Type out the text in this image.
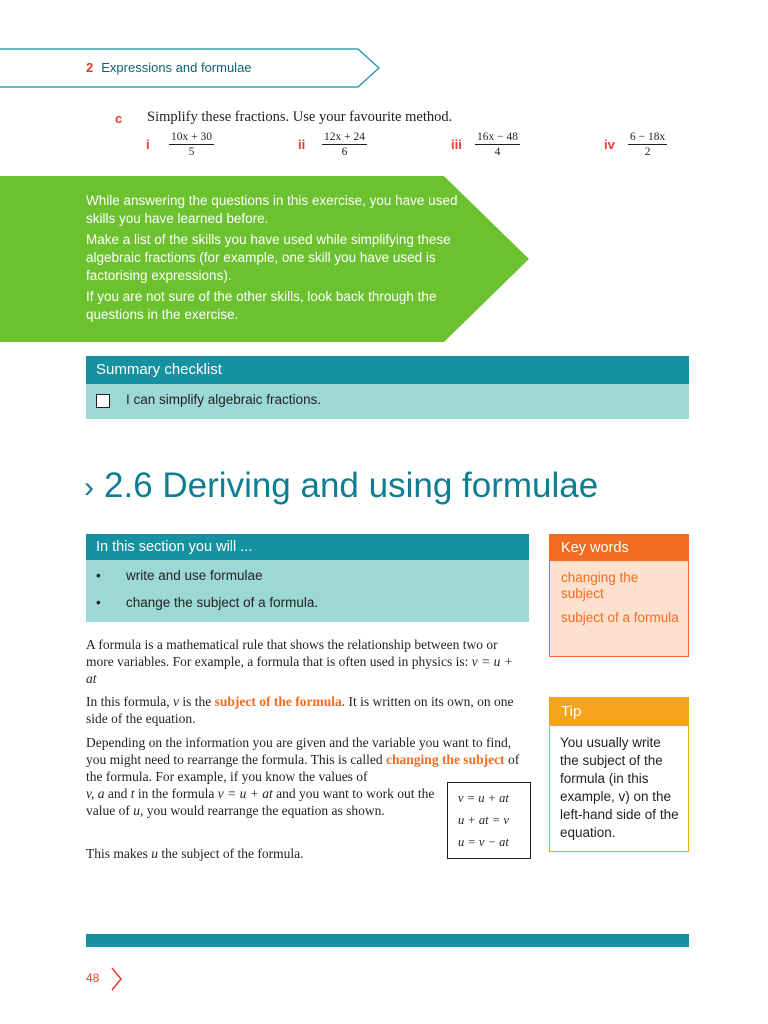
2 Expressions and formulae
c Simplify these fractions. Use your favourite method.
i $\frac{10x + 30}{5}$	ii $\frac{12x + 24}{6}$	iii $\frac{16x - 48}{4}$	iv $\frac{6 - 18x}{2}$

While answering the questions in this exercise, you have used skills you have learned before.

Make a list of the skills you have used while simplifying these algebraic fractions (for example, one skill you have used is factorising expressions).

If you are not sure of the other skills, look back through the questions in the exercise.

Summary checklist
I can simplify algebraic fractions.
› 2.6 Deriving and using formulae
In this section you will ...
• write and use formulae
• change the subject of a formula.
Key words
changing the subject
subject of a formula
Tip
You usually write the subject of the formula (in this example, v) on the left-hand side of the equation.

A formula is a mathematical rule that shows the relationship between two or more variables. For example, a formula that is often used in physics is: v = u + at

In this formula, v is the subject of the formula. It is written on its own, on one side of the equation.

Depending on the information you are given and the variable you want to find, you might need to rearrange the formula. This is called changing the subject of the formula. For example, if you know the values of

v, a and t in the formula v = u + at and you want to work out the value of u, you would rearrange the equation as shown.

This makes u the subject of the formula.

v = u + at
u + at = v
u = v − at
48
